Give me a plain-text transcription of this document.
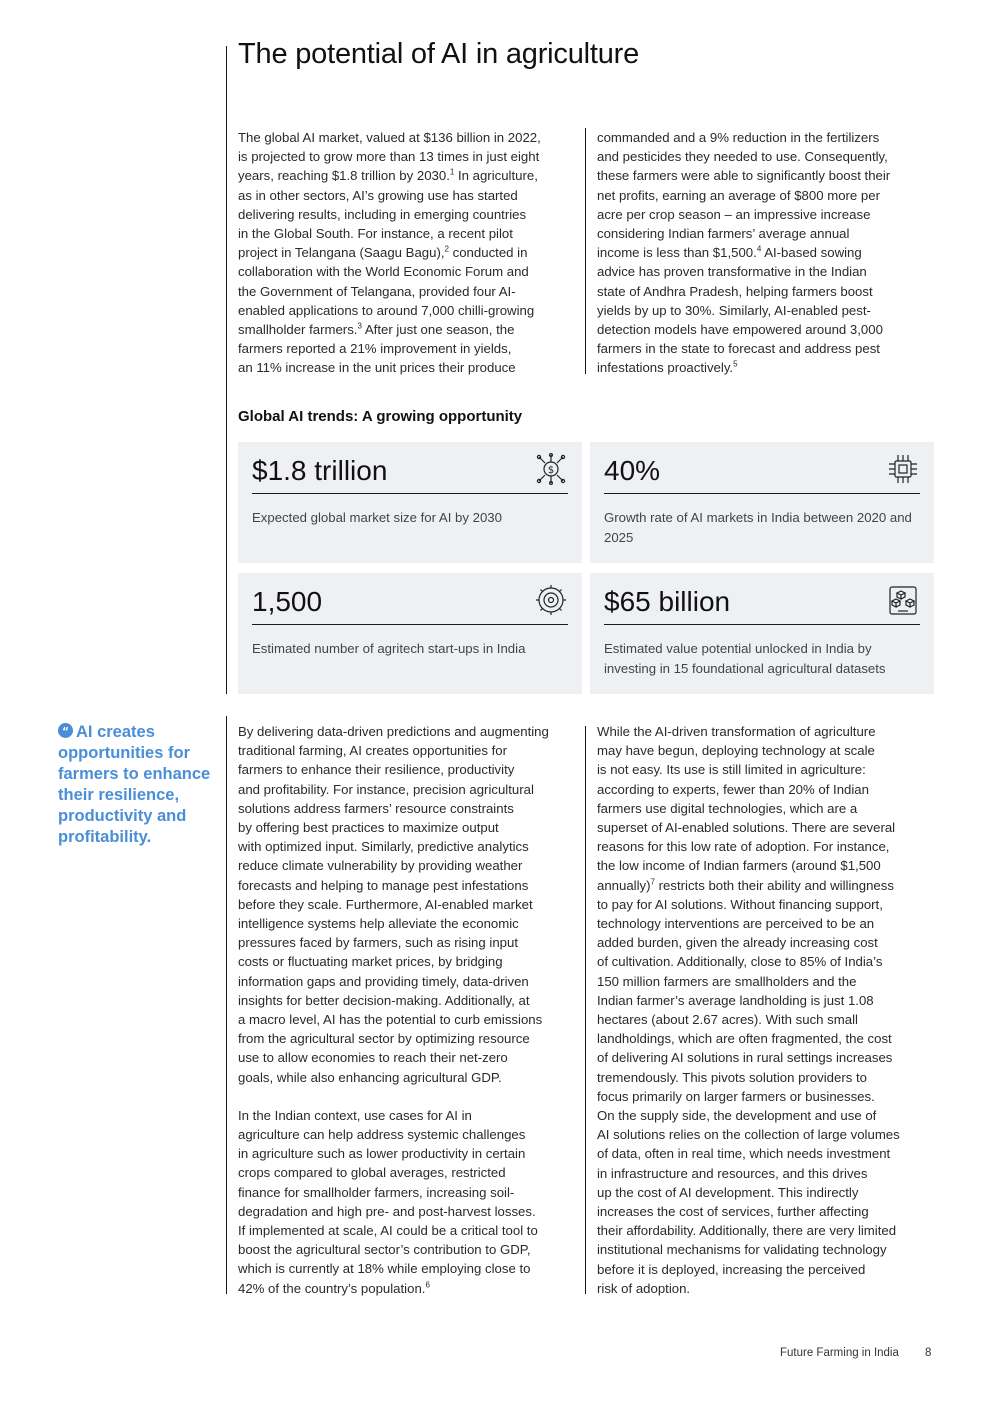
The potential of AI in agriculture
The global AI market, valued at $136 billion in 2022,
is projected to grow more than 13 times in just eight
years, reaching $1.8 trillion by 2030.$^1$ In agriculture,
as in other sectors, AI’s growing use has started
delivering results, including in emerging countries
in the Global South. For instance, a recent pilot
project in Telangana (Saagu Bagu),$^2$ conducted in
collaboration with the World Economic Forum and
the Government of Telangana, provided four AI-
enabled applications to around 7,000 chilli-growing
smallholder farmers.$^3$ After just one season, the
farmers reported a 21% improvement in yields,
an 11% increase in the unit prices their produce
commanded and a 9% reduction in the fertilizers
and pesticides they needed to use. Consequently,
these farmers were able to significantly boost their
net profits, earning an average of $800 more per
acre per crop season – an impressive increase
considering Indian farmers’ average annual
income is less than $1,500.$^4$ AI-based sowing
advice has proven transformative in the Indian
state of Andhra Pradesh, helping farmers boost
yields by up to 30%. Similarly, AI-enabled pest-
detection models have empowered around 3,000
farmers in the state to forecast and address pest
infestations proactively.$^5$
Global AI trends: A growing opportunity
$1.8 trillion	$
Expected global market size for AI by 2030
40%
Growth rate of AI markets in India between 2020 and 2025
1,500
Estimated number of agritech start-ups in India
$65 billion
Estimated value potential unlocked in India by investing in 15 foundational agricultural datasets
“ AI creates opportunities for farmers to enhance their resilience, productivity and profitability.

By delivering data-driven predictions and augmenting
traditional farming, AI creates opportunities for
farmers to enhance their resilience, productivity
and profitability. For instance, precision agricultural
solutions address farmers’ resource constraints
by offering best practices to maximize output
with optimized input. Similarly, predictive analytics
reduce climate vulnerability by providing weather
forecasts and helping to manage pest infestations
before they scale. Furthermore, AI-enabled market
intelligence systems help alleviate the economic
pressures faced by farmers, such as rising input
costs or fluctuating market prices, by bridging
information gaps and providing timely, data-driven
insights for better decision-making. Additionally, at
a macro level, AI has the potential to curb emissions
from the agricultural sector by optimizing resource
use to allow economies to reach their net-zero
goals, while also enhancing agricultural GDP.

In the Indian context, use cases for AI in
agriculture can help address systemic challenges
in agriculture such as lower productivity in certain
crops compared to global averages, restricted
finance for smallholder farmers, increasing soil-
degradation and high pre- and post-harvest losses.
If implemented at scale, AI could be a critical tool to
boost the agricultural sector’s contribution to GDP,
which is currently at 18% while employing close to
42% of the country’s population.$^6$

While the AI-driven transformation of agriculture
may have begun, deploying technology at scale
is not easy. Its use is still limited in agriculture:
according to experts, fewer than 20% of Indian
farmers use digital technologies, which are a
superset of AI-enabled solutions. There are several
reasons for this low rate of adoption. For instance,
the low income of Indian farmers (around $1,500
annually)$^7$ restricts both their ability and willingness
to pay for AI solutions. Without financing support,
technology interventions are perceived to be an
added burden, given the already increasing cost
of cultivation. Additionally, close to 85% of India’s
150 million farmers are smallholders and the
Indian farmer’s average landholding is just 1.08
hectares (about 2.67 acres). With such small
landholdings, which are often fragmented, the cost
of delivering AI solutions in rural settings increases
tremendously. This pivots solution providers to
focus primarily on larger farmers or businesses.
On the supply side, the development and use of
AI solutions relies on the collection of large volumes
of data, often in real time, which needs investment
in infrastructure and resources, and this drives
up the cost of AI development. This indirectly
increases the cost of services, further affecting
their affordability. Additionally, there are very limited
institutional mechanisms for validating technology
before it is deployed, increasing the perceived
risk of adoption.
Future Farming in India 8
